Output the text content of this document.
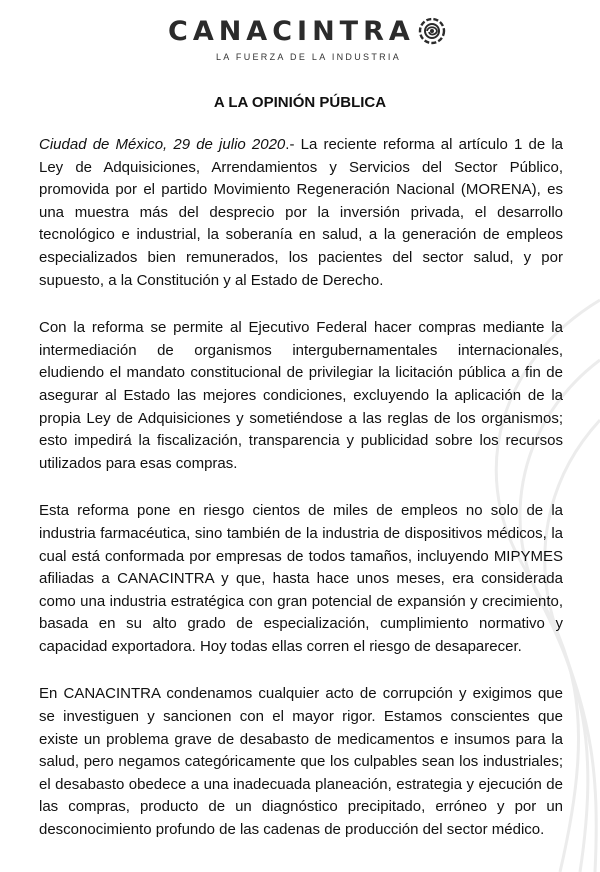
CANACINTRA
LA FUERZA DE LA INDUSTRIA
A LA OPINIÓN PÚBLICA

Ciudad de México, 29 de julio 2020.- La reciente reforma al artículo 1 de la Ley de Adquisiciones, Arrendamientos y Servicios del Sector Público, promovida por el partido Movimiento Regeneración Nacional (MORENA), es una muestra más del desprecio por la inversión privada, el desarrollo tecnológico e industrial, la soberanía en salud, a la generación de empleos especializados bien remunerados, los pacientes del sector salud, y por supuesto, a la Constitución y al Estado de Derecho.

Con la reforma se permite al Ejecutivo Federal hacer compras mediante la intermediación de organismos intergubernamentales internacionales, eludiendo el mandato constitucional de privilegiar la licitación pública a fin de asegurar al Estado las mejores condiciones, excluyendo la aplicación de la propia Ley de Adquisiciones y sometiéndose a las reglas de los organismos; esto impedirá la fiscalización, transparencia y publicidad sobre los recursos utilizados para esas compras.

Esta reforma pone en riesgo cientos de miles de empleos no solo de la industria farmacéutica, sino también de la industria de dispositivos médicos, la cual está conformada por empresas de todos tamaños, incluyendo MIPYMES afiliadas a CANACINTRA y que, hasta hace unos meses, era considerada como una industria estratégica con gran potencial de expansión y crecimiento, basada en su alto grado de especialización, cumplimiento normativo y capacidad exportadora. Hoy todas ellas corren el riesgo de desaparecer.

En CANACINTRA condenamos cualquier acto de corrupción y exigimos que se investiguen y sancionen con el mayor rigor. Estamos conscientes que existe un problema grave de desabasto de medicamentos e insumos para la salud, pero negamos categóricamente que los culpables sean los industriales; el desabasto obedece a una inadecuada planeación, estrategia y ejecución de las compras, producto de un diagnóstico precipitado, erróneo y por un desconocimiento profundo de las cadenas de producción del sector médico.
